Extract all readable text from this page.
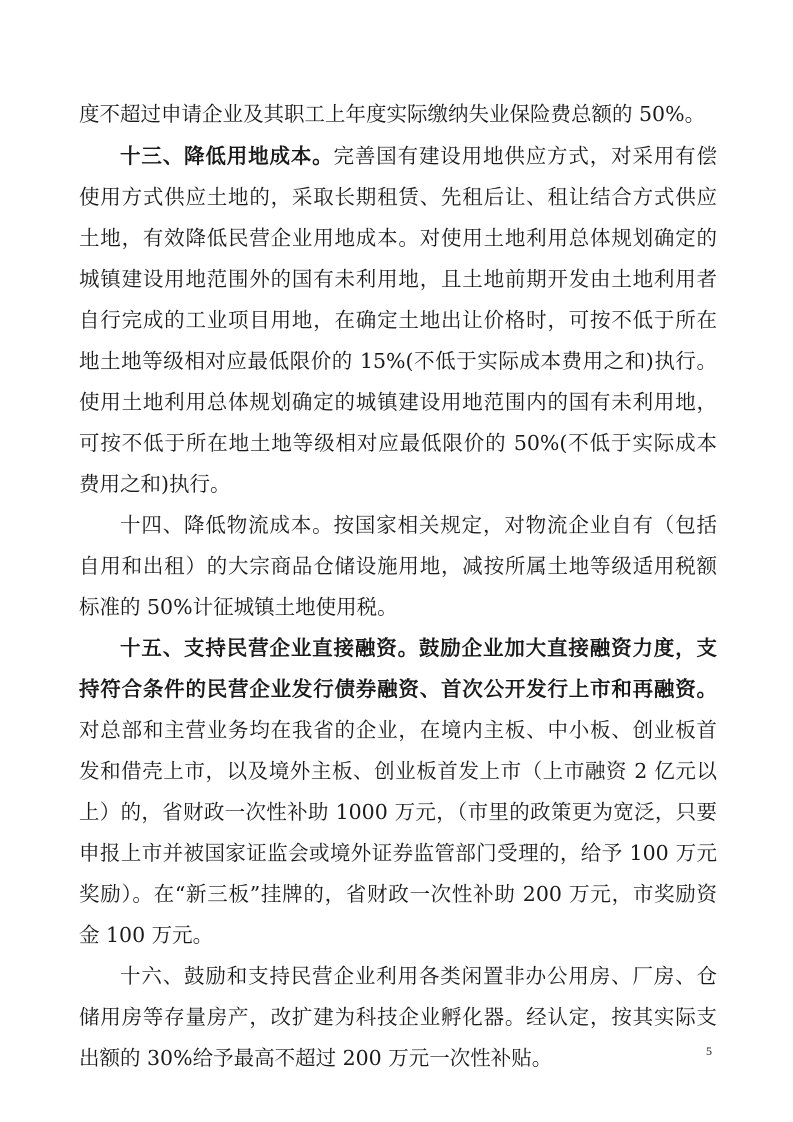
度不超过申请企业及其职工上年度实际缴纳失业保险费总额的 50%。
十三、降低用地成本。完善国有建设用地供应方式，对采用有偿
使用方式供应土地的，采取长期租赁、先租后让、租让结合方式供应
土地，有效降低民营企业用地成本。对使用土地利用总体规划确定的
城镇建设用地范围外的国有未利用地，且土地前期开发由土地利用者
自行完成的工业项目用地，在确定土地出让价格时，可按不低于所在
地土地等级相对应最低限价的 15%(不低于实际成本费用之和)执行。
使用土地利用总体规划确定的城镇建设用地范围内的国有未利用地，
可按不低于所在地土地等级相对应最低限价的 50%(不低于实际成本
费用之和)执行。
十四、降低物流成本。按国家相关规定，对物流企业自有（包括
自用和出租）的大宗商品仓储设施用地，减按所属土地等级适用税额
标准的 50%计征城镇土地使用税。
十五、支持民营企业直接融资。鼓励企业加大直接融资力度，支
持符合条件的民营企业发行债券融资、首次公开发行上市和再融资。
对总部和主营业务均在我省的企业，在境内主板、中小板、创业板首
发和借壳上市，以及境外主板、创业板首发上市（上市融资 2 亿元以
上）的，省财政一次性补助 1000 万元，（市里的政策更为宽泛，只要
申报上市并被国家证监会或境外证券监管部门受理的，给予 100 万元
奖励）。在“新三板”挂牌的，省财政一次性补助 200 万元，市奖励资
金 100 万元。
十六、鼓励和支持民营企业利用各类闲置非办公用房、厂房、仓
储用房等存量房产，改扩建为科技企业孵化器。经认定，按其实际支
出额的 30%给予最高不超过 200 万元一次性补贴。	5
